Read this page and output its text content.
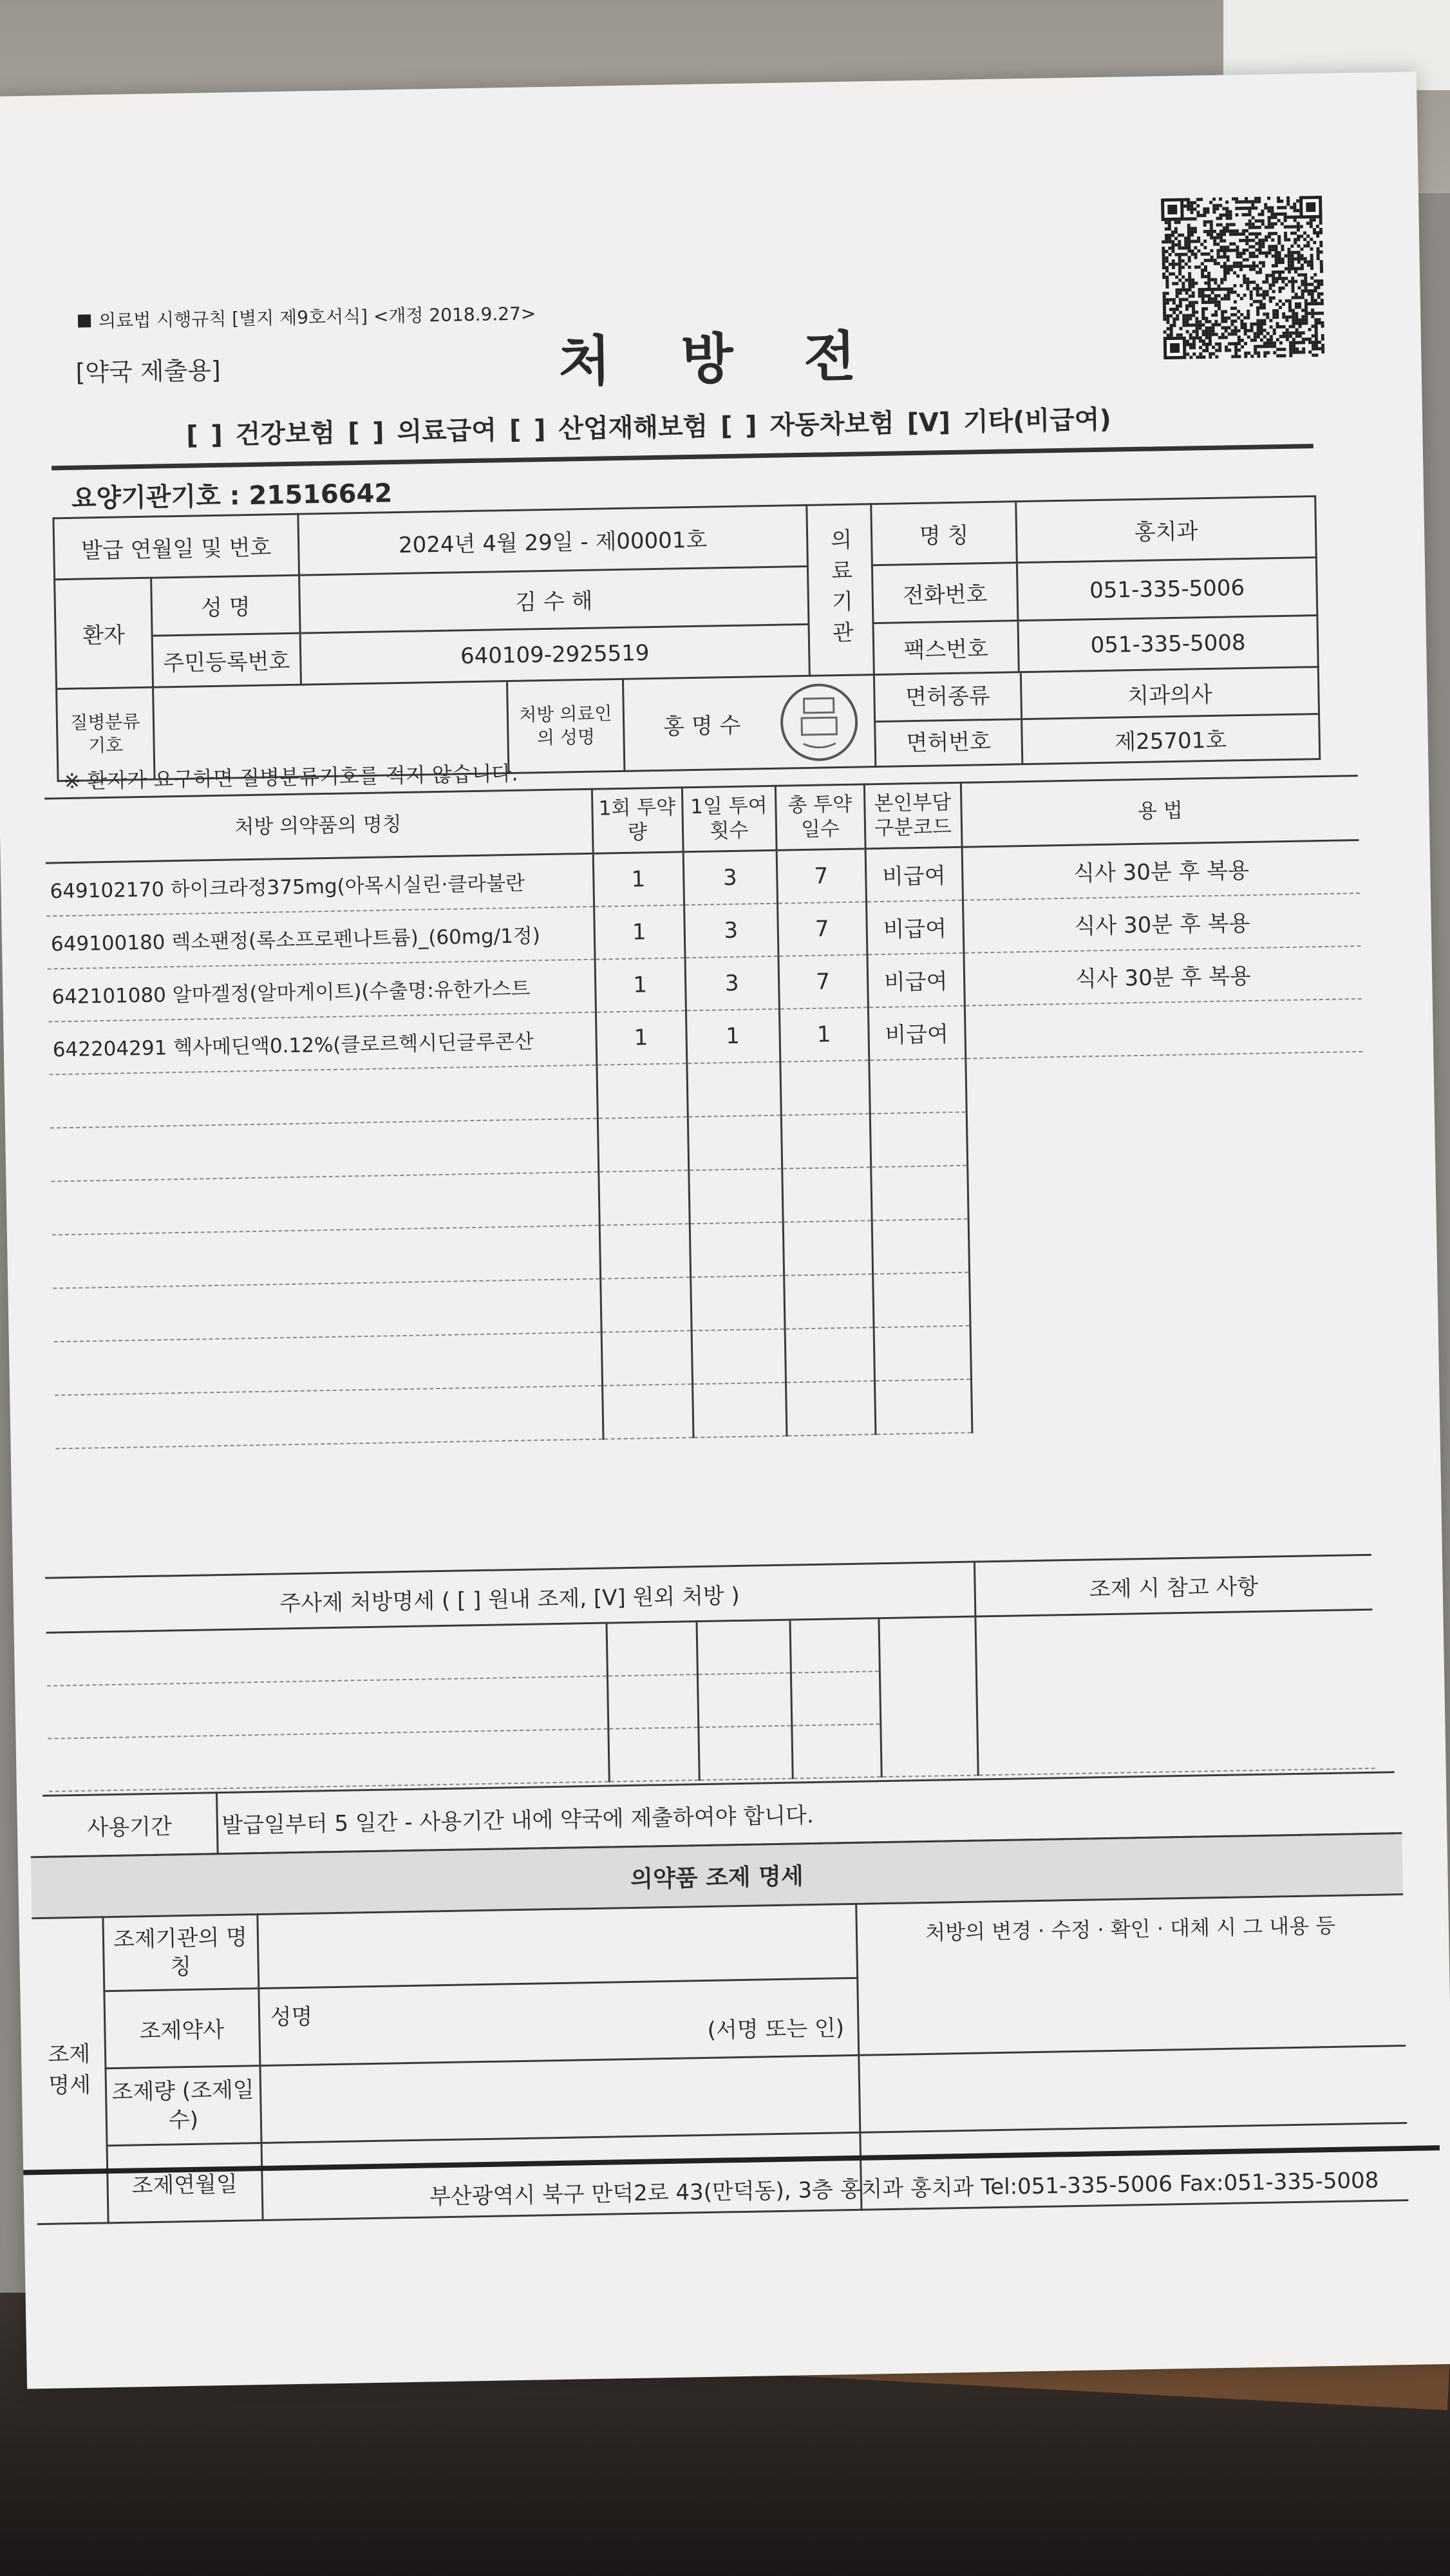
의료법 시행규칙 [별지 제9호서식] <개정 2018.9.27>
[약국 제출용]	처 방 전
[ ] 건강보험 [ ] 의료급여 [ ] 산업재해보험 [ ] 자동차보험 [V] 기타(비급여)
요양기관기호 : 21516642
발급 연월일 및 번호		2024년 4월 29일 - 제00001호			의료기관	명 칭	홍치과
환자	성 명	김 수 해				전화번호	051-335-5006
	주민등록번호	640109-2925519				팩스번호	051-335-5008
질병분류기호			처방 의료인의 성명	홍 명 수		면허종류 치과의사
면허번호 제25701호	
※ 환자가 요구하면 질병분류기호를 적지 않습니다.
처방 의약품의 명칭	1회 투약량	1일 투여횟수	총 투약일수	본인부담 구분코드	용 법
649102170 하이크라정375mg(아목시실린·클라불란	1	3	7	비급여	식사 30분 후 복용
649100180 렉소팬정(록소프로펜나트륨)_(60mg/1정)	1	3	7	비급여	식사 30분 후 복용
642101080 알마겔정(알마게이트)(수출명:유한가스트	1	3	7	비급여	식사 30분 후 복용
642204291 헥사메딘액0.12%(클로르헥시딘글루콘산	1	1	1	비급여	

주사제 처방명세 ( [ ] 원내 조제, [V] 원외 처방 )					조제 시 참고 사항

사용기간	발급일부터 5 일간 - 사용기간 내에 약국에 제출하여야 합니다.
의약품 조제 명세			
조제 명세	조제기관의 명칭		처방의 변경 · 수정 · 확인 · 대체 시 그 내용 등
	조제약사	성명 (서명 또는 인)	

	조제량 (조제일수)		
	조제연월일			부산광역시 북구 만덕2로 43(만덕동), 3층 홍치과 홍치과 Tel:051-335-5006 Fax:051-335-5008
